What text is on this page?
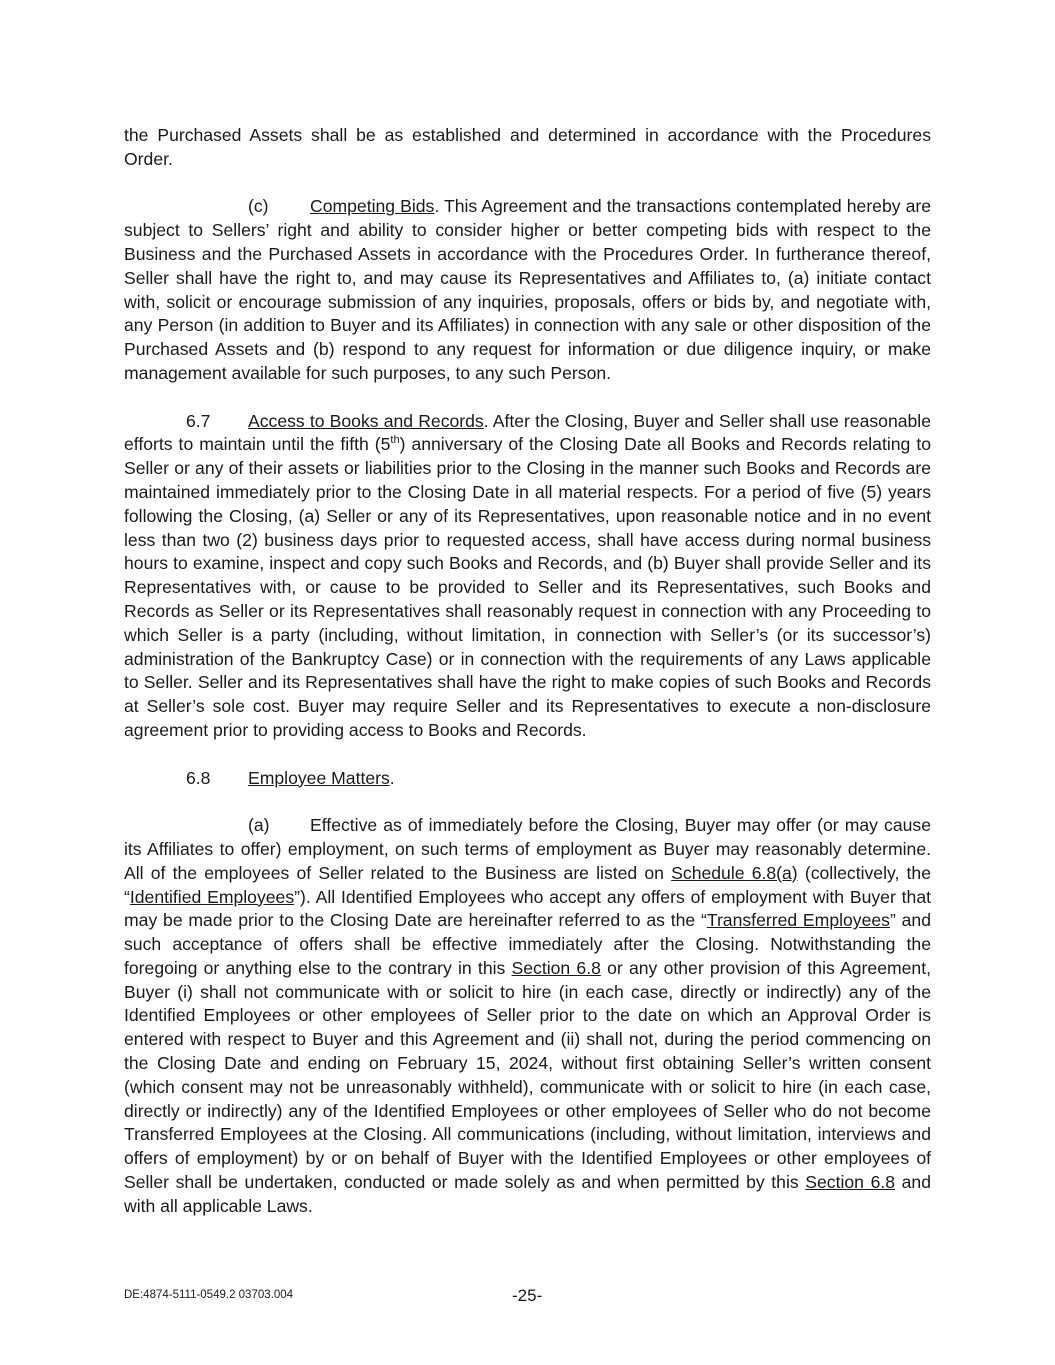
the Purchased Assets shall be as established and determined in accordance with the Procedures Order.

(c) Competing Bids. This Agreement and the transactions contemplated hereby are subject to Sellers’ right and ability to consider higher or better competing bids with respect to the Business and the Purchased Assets in accordance with the Procedures Order. In furtherance thereof, Seller shall have the right to, and may cause its Representatives and Affiliates to, (a) initiate contact with, solicit or encourage submission of any inquiries, proposals, offers or bids by, and negotiate with, any Person (in addition to Buyer and its Affiliates) in connection with any sale or other disposition of the Purchased Assets and (b) respond to any request for information or due diligence inquiry, or make management available for such purposes, to any such Person.

6.7 Access to Books and Records. After the Closing, Buyer and Seller shall use reasonable efforts to maintain until the fifth (5th) anniversary of the Closing Date all Books and Records relating to Seller or any of their assets or liabilities prior to the Closing in the manner such Books and Records are maintained immediately prior to the Closing Date in all material respects. For a period of five (5) years following the Closing, (a) Seller or any of its Representatives, upon reasonable notice and in no event less than two (2) business days prior to requested access, shall have access during normal business hours to examine, inspect and copy such Books and Records, and (b) Buyer shall provide Seller and its Representatives with, or cause to be provided to Seller and its Representatives, such Books and Records as Seller or its Representatives shall reasonably request in connection with any Proceeding to which Seller is a party (including, without limitation, in connection with Seller’s (or its successor’s) administration of the Bankruptcy Case) or in connection with the requirements of any Laws applicable to Seller. Seller and its Representatives shall have the right to make copies of such Books and Records at Seller’s sole cost. Buyer may require Seller and its Representatives to execute a non-disclosure agreement prior to providing access to Books and Records.

6.8 Employee Matters.

(a) Effective as of immediately before the Closing, Buyer may offer (or may cause its Affiliates to offer) employment, on such terms of employment as Buyer may reasonably determine. All of the employees of Seller related to the Business are listed on Schedule 6.8(a) (collectively, the “Identified Employees”). All Identified Employees who accept any offers of employment with Buyer that may be made prior to the Closing Date are hereinafter referred to as the “Transferred Employees” and such acceptance of offers shall be effective immediately after the Closing. Notwithstanding the foregoing or anything else to the contrary in this Section 6.8 or any other provision of this Agreement, Buyer (i) shall not communicate with or solicit to hire (in each case, directly or indirectly) any of the Identified Employees or other employees of Seller prior to the date on which an Approval Order is entered with respect to Buyer and this Agreement and (ii) shall not, during the period commencing on the Closing Date and ending on February 15, 2024, without first obtaining Seller’s written consent (which consent may not be unreasonably withheld), communicate with or solicit to hire (in each case, directly or indirectly) any of the Identified Employees or other employees of Seller who do not become Transferred Employees at the Closing. All communications (including, without limitation, interviews and offers of employment) by or on behalf of Buyer with the Identified Employees or other employees of Seller shall be undertaken, conducted or made solely as and when permitted by this Section 6.8 and with all applicable Laws.

DE:4874-5111-0549.2 03703.004	-25-
